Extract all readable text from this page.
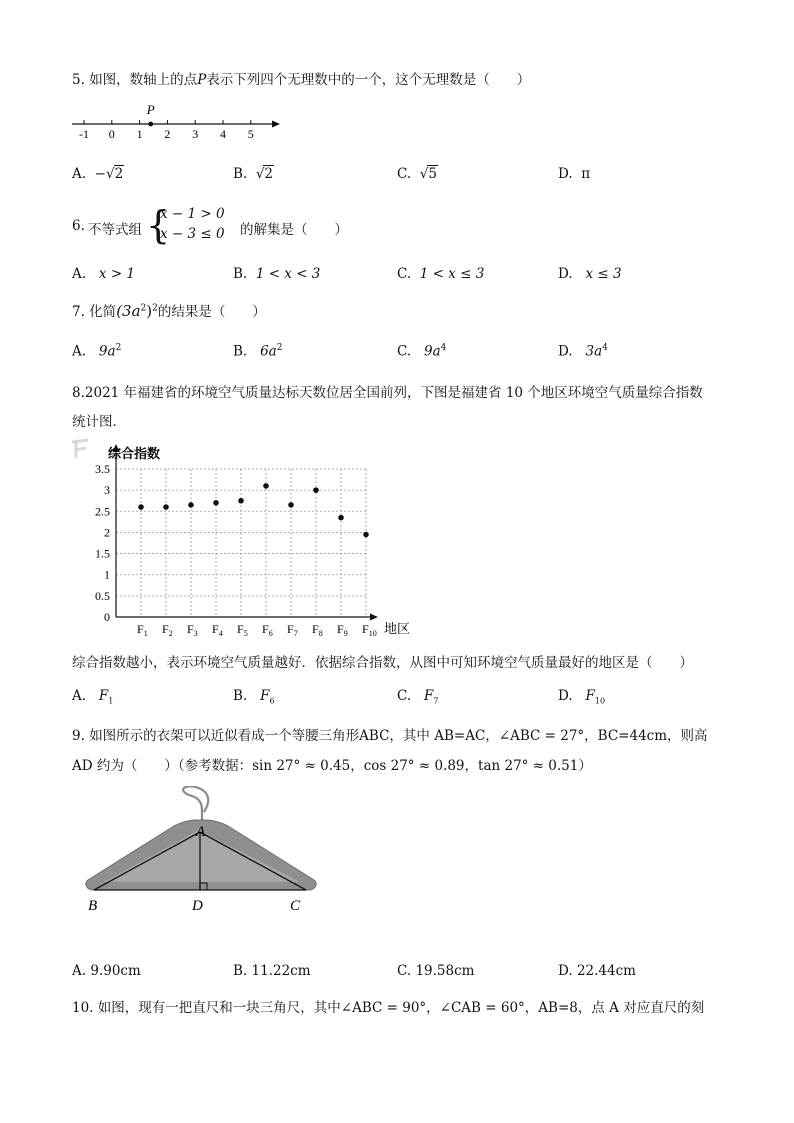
5. 如图，数轴上的点P表示下列四个无理数中的一个，这个无理数是（　　）
-1 0 1 2 3 4 5
P
A. −√2	B. √2	C. √5	D. π
6. 不等式组 {
x − 1 > 0
x − 3 ≤ 0 的解集是（　　）
A. x > 1	B. 1 < x < 3	C. 1 < x ≤ 3	D. x ≤ 3
7. 化简$(3a^2)^2$的结果是（　　）
A. $9a^2$	B. $6a^2$	C. $9a^4$	D. $3a^4$
8.2021 年福建省的环境空气质量达标天数位居全国前列，下图是福建省 10 个地区环境空气质量综合指数
统计图．
综合指数
地区
0
0.5
1
1.5
2
2.5
3
3.5
$F_1$ $F_2$ $F_3$ $F_4$ $F_5$ $F_6$ $F_7$ $F_8$ $F_9$ $F_{10}$
综合指数越小，表示环境空气质量越好．依据综合指数，从图中可知环境空气质量最好的地区是（　　）
A. $F_1$	B. $F_6$	C. $F_7$	D. $F_{10}$
9. 如图所示的衣架可以近似看成一个等腰三角形ABC，其中 AB=AC，∠ABC = 27°，BC=44cm，则高
AD 约为（　　）（参考数据：sin 27° ≈ 0.45，cos 27° ≈ 0.89，tan 27° ≈ 0.51）
A
B	D	C
A. 9.90cm	B. 11.22cm	C. 19.58cm	D. 22.44cm
10. 如图，现有一把直尺和一块三角尺，其中∠ABC = 90°，∠CAB = 60°，AB=8，点 A 对应直尺的刻
